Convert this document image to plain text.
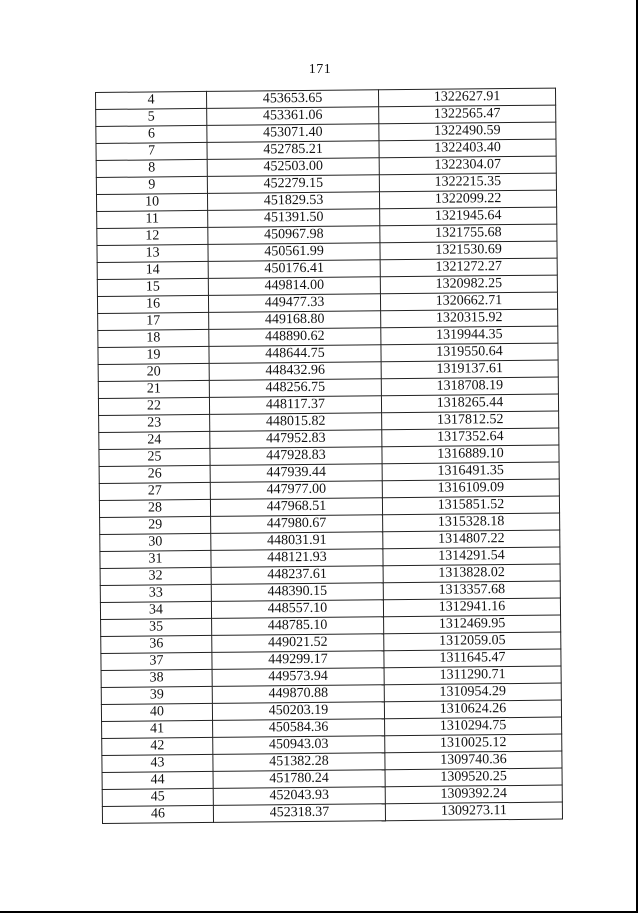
171
4	453653.65	1322627.91
5	453361.06	1322565.47
6	453071.40	1322490.59
7	452785.21	1322403.40
8	452503.00	1322304.07
9	452279.15	1322215.35
10	451829.53	1322099.22
11	451391.50	1321945.64
12	450967.98	1321755.68
13	450561.99	1321530.69
14	450176.41	1321272.27
15	449814.00	1320982.25
16	449477.33	1320662.71
17	449168.80	1320315.92
18	448890.62	1319944.35
19	448644.75	1319550.64
20	448432.96	1319137.61
21	448256.75	1318708.19
22	448117.37	1318265.44
23	448015.82	1317812.52
24	447952.83	1317352.64
25	447928.83	1316889.10
26	447939.44	1316491.35
27	447977.00	1316109.09
28	447968.51	1315851.52
29	447980.67	1315328.18
30	448031.91	1314807.22
31	448121.93	1314291.54
32	448237.61	1313828.02
33	448390.15	1313357.68
34	448557.10	1312941.16
35	448785.10	1312469.95
36	449021.52	1312059.05
37	449299.17	1311645.47
38	449573.94	1311290.71
39	449870.88	1310954.29
40	450203.19	1310624.26
41	450584.36	1310294.75
42	450943.03	1310025.12
43	451382.28	1309740.36
44	451780.24	1309520.25
45	452043.93	1309392.24
46	452318.37	1309273.11
